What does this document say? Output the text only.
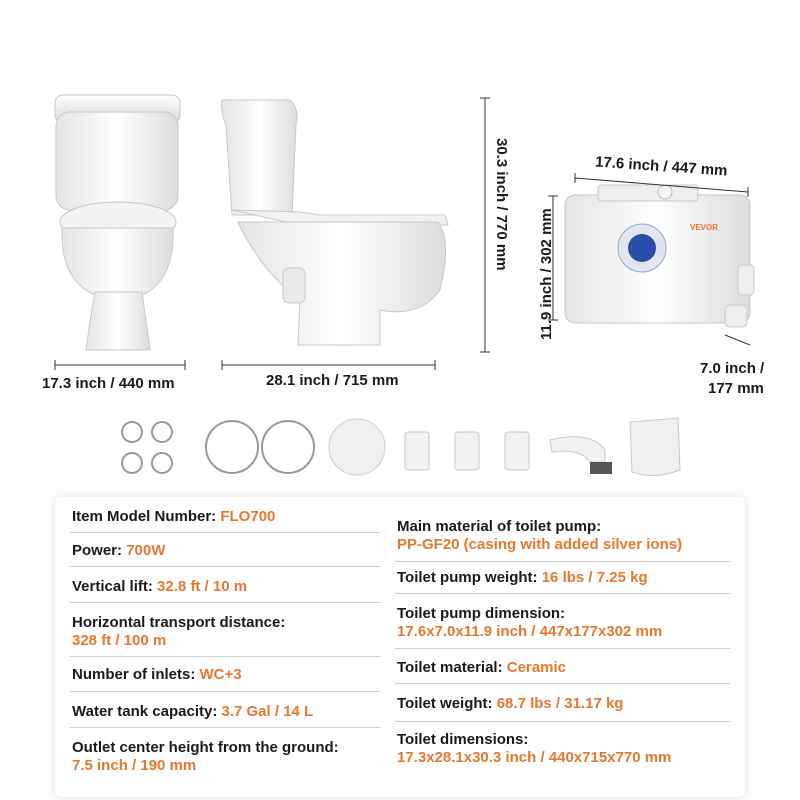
VEVOR
17.3 inch / 440 mm	28.1 inch / 715 mm
30.3 inch / 770 mm	17.6 inch / 447 mm
11.9 inch / 302 mm
7.0 inch /
177 mm
Item Model Number: FLO700
Power: 700W
Vertical lift: 32.8 ft / 10 m
Horizontal transport distance:
328 ft / 100 m
Number of inlets: WC+3
Water tank capacity: 3.7 Gal / 14 L
Outlet center height from the ground:
7.5 inch / 190 mm
Main material of toilet pump:
PP-GF20 (casing with added silver ions)
Toilet pump weight: 16 lbs / 7.25 kg
Toilet pump dimension:
17.6x7.0x11.9 inch / 447x177x302 mm
Toilet material: Ceramic
Toilet weight: 68.7 lbs / 31.17 kg
Toilet dimensions:
17.3x28.1x30.3 inch / 440x715x770 mm
